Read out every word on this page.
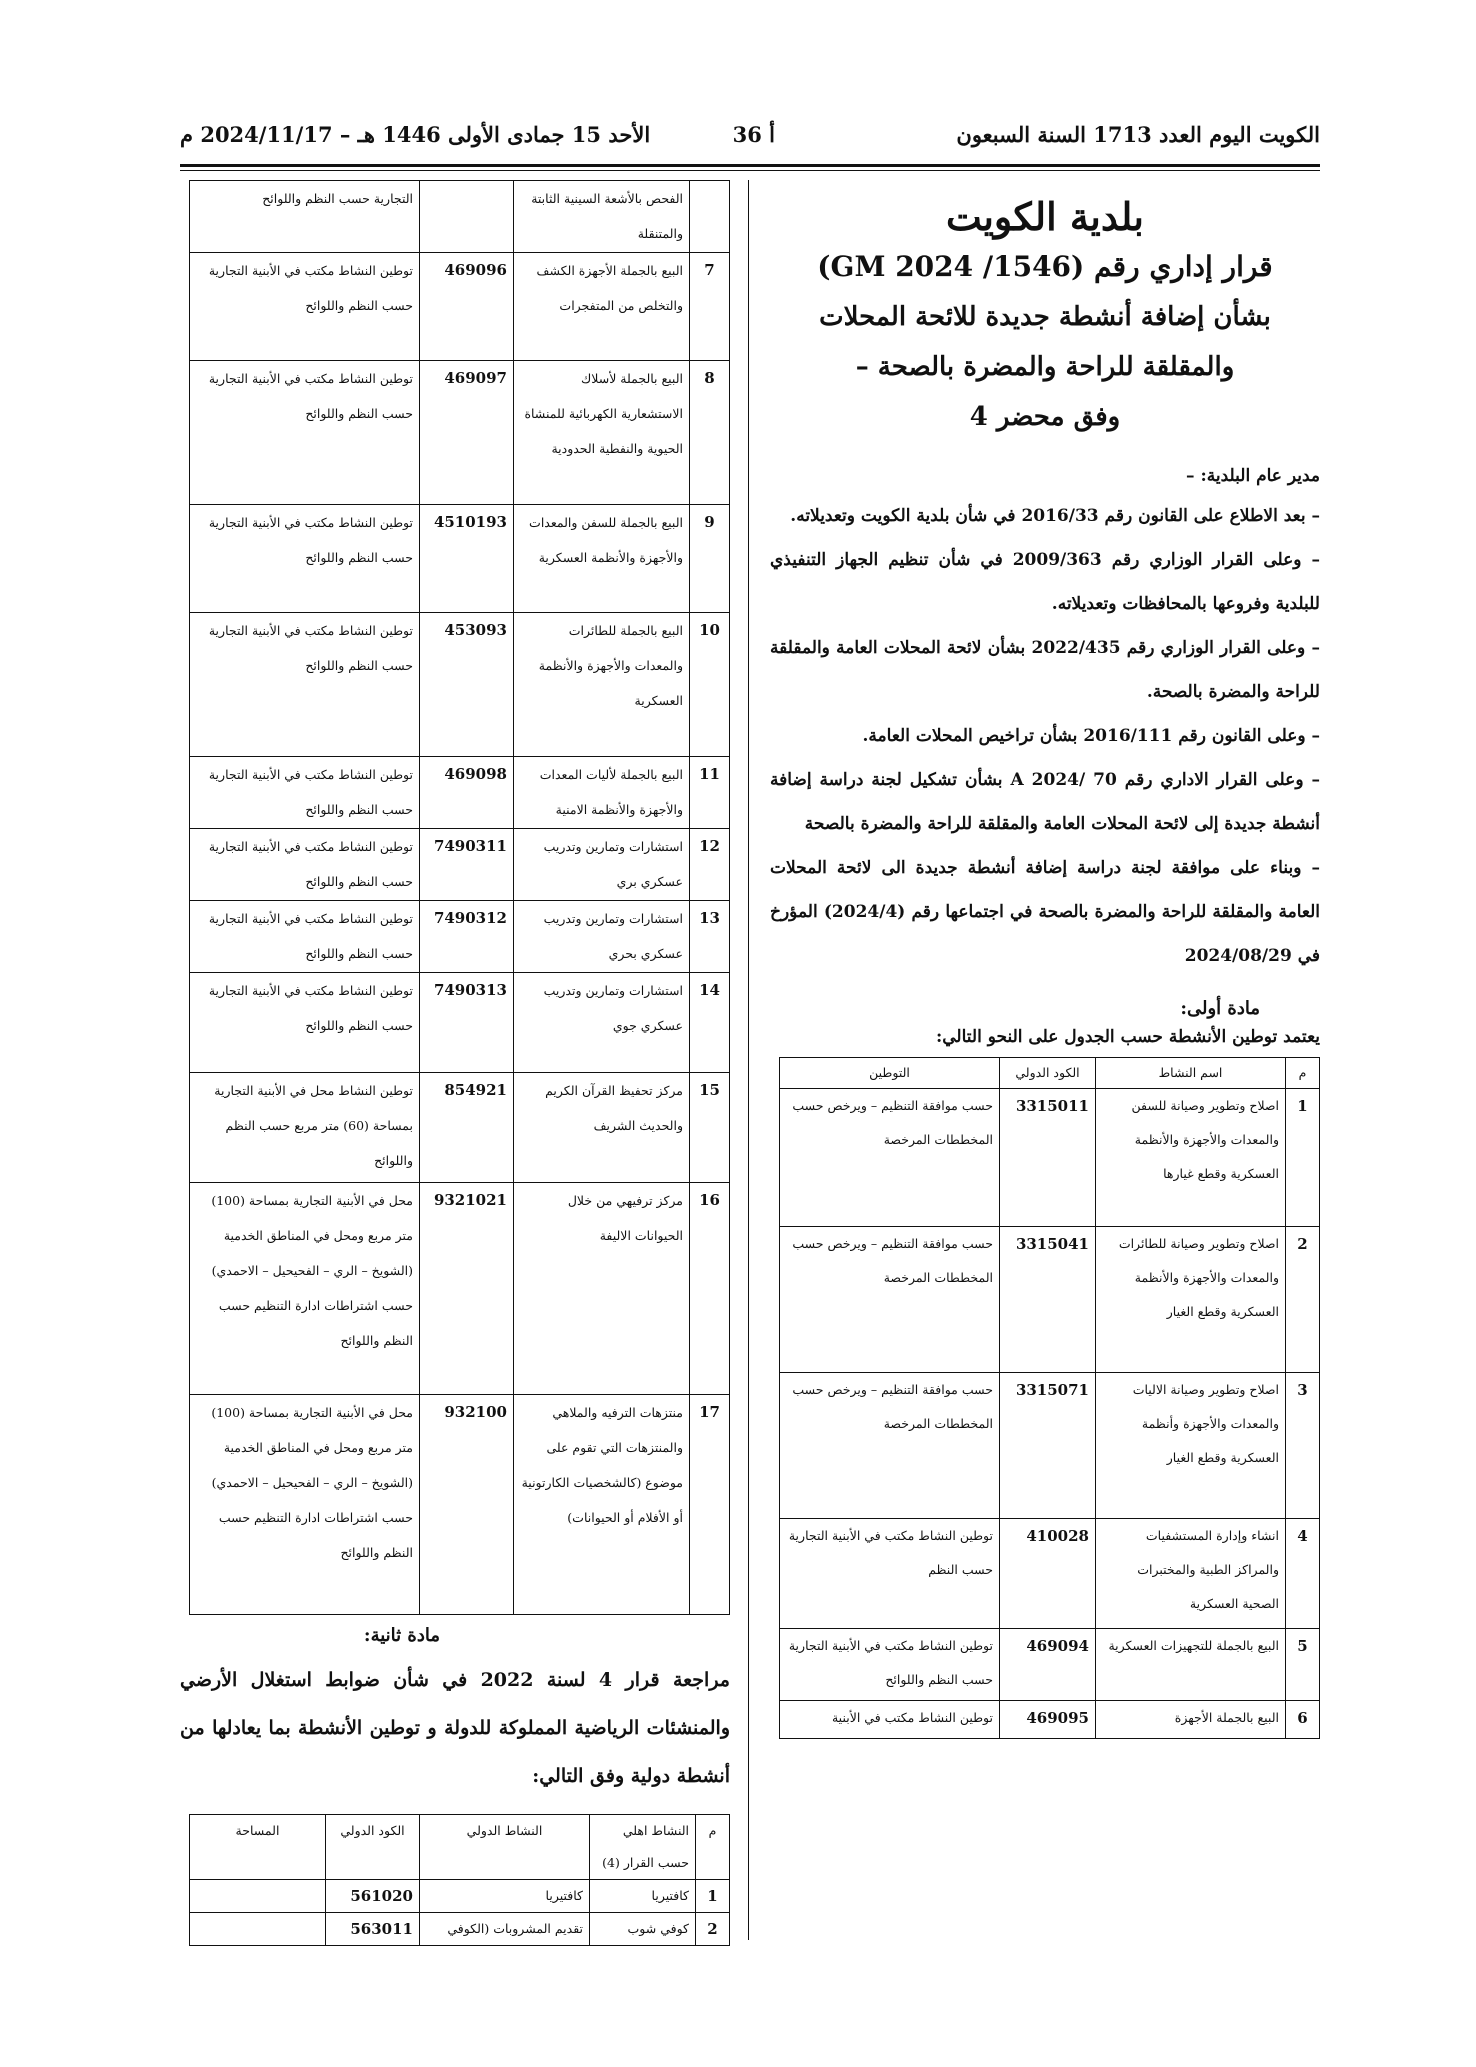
الكويت اليوم العدد 1713 السنة السبعون
أ 36
الأحد 15 جمادى الأولى 1446 هـ – 2024/11/17 م
بلدية الكويت
قرار إداري رقم (GM 2024 /1546)
بشأن إضافة أنشطة جديدة للائحة المحلات
والمقلقة للراحة والمضرة بالصحة –
وفق محضر 4

مدير عام البلدية: –

– بعد الاطلاع على القانون رقم 2016/33 في شأن بلدية الكويت وتعديلاته.

– وعلى القرار الوزاري رقم 2009/363 في شأن تنظيم الجهاز التنفيذي للبلدية وفروعها بالمحافظات وتعديلاته.

– وعلى القرار الوزاري رقم 2022/435 بشأن لائحة المحلات العامة والمقلقة للراحة والمضرة بالصحة.

– وعلى القانون رقم 2016/111 بشأن تراخيص المحلات العامة.

– وعلى القرار الاداري رقم 70 /2024 A بشأن تشكيل لجنة دراسة إضافة أنشطة جديدة إلى لائحة المحلات العامة والمقلقة للراحة والمضرة بالصحة

– وبناء على موافقة لجنة دراسة إضافة أنشطة جديدة الى لائحة المحلات العامة والمقلقة للراحة والمضرة بالصحة في اجتماعها رقم (2024/4) المؤرخ في 2024/08/29

مادة أولى:
يعتمد توطين الأنشطة حسب الجدول على النحو التالي:
م	اسم النشاط	الكود الدولي	التوطين
1	اصلاح وتطوير وصيانة للسفن والمعدات والأجهزة والأنظمة العسكرية وقطع غيارها	3315011	حسب موافقة التنظيم – ويرخص حسب المخططات المرخصة
2	اصلاح وتطوير وصيانة للطائرات والمعدات والأجهزة والأنظمة العسكرية وقطع الغيار	3315041	حسب موافقة التنظيم – ويرخص حسب المخططات المرخصة
3	اصلاح وتطوير وصيانة الاليات والمعدات والأجهزة وأنظمة العسكرية وقطع الغيار	3315071	حسب موافقة التنظيم – ويرخص حسب المخططات المرخصة
4	انشاء وإدارة المستشفيات والمراكز الطبية والمختبرات الصحية العسكرية	410028	توطين النشاط مكتب في الأبنية التجارية حسب النظم
5	البيع بالجملة للتجهيزات العسكرية	469094	توطين النشاط مكتب في الأبنية التجارية حسب النظم واللوائح
6	البيع بالجملة الأجهزة	469095	توطين النشاط مكتب في الأبنية
	الفحص بالأشعة السينية الثابتة والمتنقلة		التجارية حسب النظم واللوائح
7	البيع بالجملة الأجهزة الكشف والتخلص من المتفجرات	469096	توطين النشاط مكتب في الأبنية التجارية حسب النظم واللوائح
8	البيع بالجملة لأسلاك الاستشعارية الكهربائية للمنشاة الحيوية والنفطية الحدودية	469097	توطين النشاط مكتب في الأبنية التجارية حسب النظم واللوائح
9	البيع بالجملة للسفن والمعدات والأجهزة والأنظمة العسكرية	4510193	توطين النشاط مكتب في الأبنية التجارية حسب النظم واللوائح
10	البيع بالجملة للطائرات والمعدات والأجهزة والأنظمة العسكرية	453093	توطين النشاط مكتب في الأبنية التجارية حسب النظم واللوائح
11	البيع بالجملة لأليات المعدات والأجهزة والأنظمة الامنية	469098	توطين النشاط مكتب في الأبنية التجارية حسب النظم واللوائح
12	استشارات وتمارين وتدريب عسكري بري	7490311	توطين النشاط مكتب في الأبنية التجارية حسب النظم واللوائح
13	استشارات وتمارين وتدريب عسكري بحري	7490312	توطين النشاط مكتب في الأبنية التجارية حسب النظم واللوائح
14	استشارات وتمارين وتدريب عسكري جوي	7490313	توطين النشاط مكتب في الأبنية التجارية حسب النظم واللوائح
15	مركز تحفيظ القرآن الكريم والحديث الشريف	854921	توطين النشاط محل في الأبنية التجارية بمساحة (60) متر مربع حسب النظم واللوائح
16	مركز ترفيهي من خلال الحيوانات الاليفة	9321021	محل في الأبنية التجارية بمساحة (100) متر مربع ومحل في المناطق الخدمية (الشويخ – الري – الفحيحيل – الاحمدي) حسب اشتراطات ادارة التنظيم حسب النظم واللوائح
17	منتزهات الترفيه والملاهي والمنتزهات التي تقوم على موضوع (كالشخصيات الكارتونية أو الأفلام أو الحيوانات)	932100	محل في الأبنية التجارية بمساحة (100) متر مربع ومحل في المناطق الخدمية (الشويخ – الري – الفحيحيل – الاحمدي) حسب اشتراطات ادارة التنظيم حسب النظم واللوائح
مادة ثانية:
مراجعة قرار 4 لسنة 2022 في شأن ضوابط استغلال الأرضي والمنشئات الرياضية المملوكة للدولة و توطين الأنشطة بما يعادلها من أنشطة دولية وفق التالي:
م	النشاط اهلي حسب القرار (4)	النشاط الدولي	الكود الدولي	المساحة
1	كافتيريا	كافتيريا	561020	
2	كوفي شوب	تقديم المشروبات (الكوفي	563011	
